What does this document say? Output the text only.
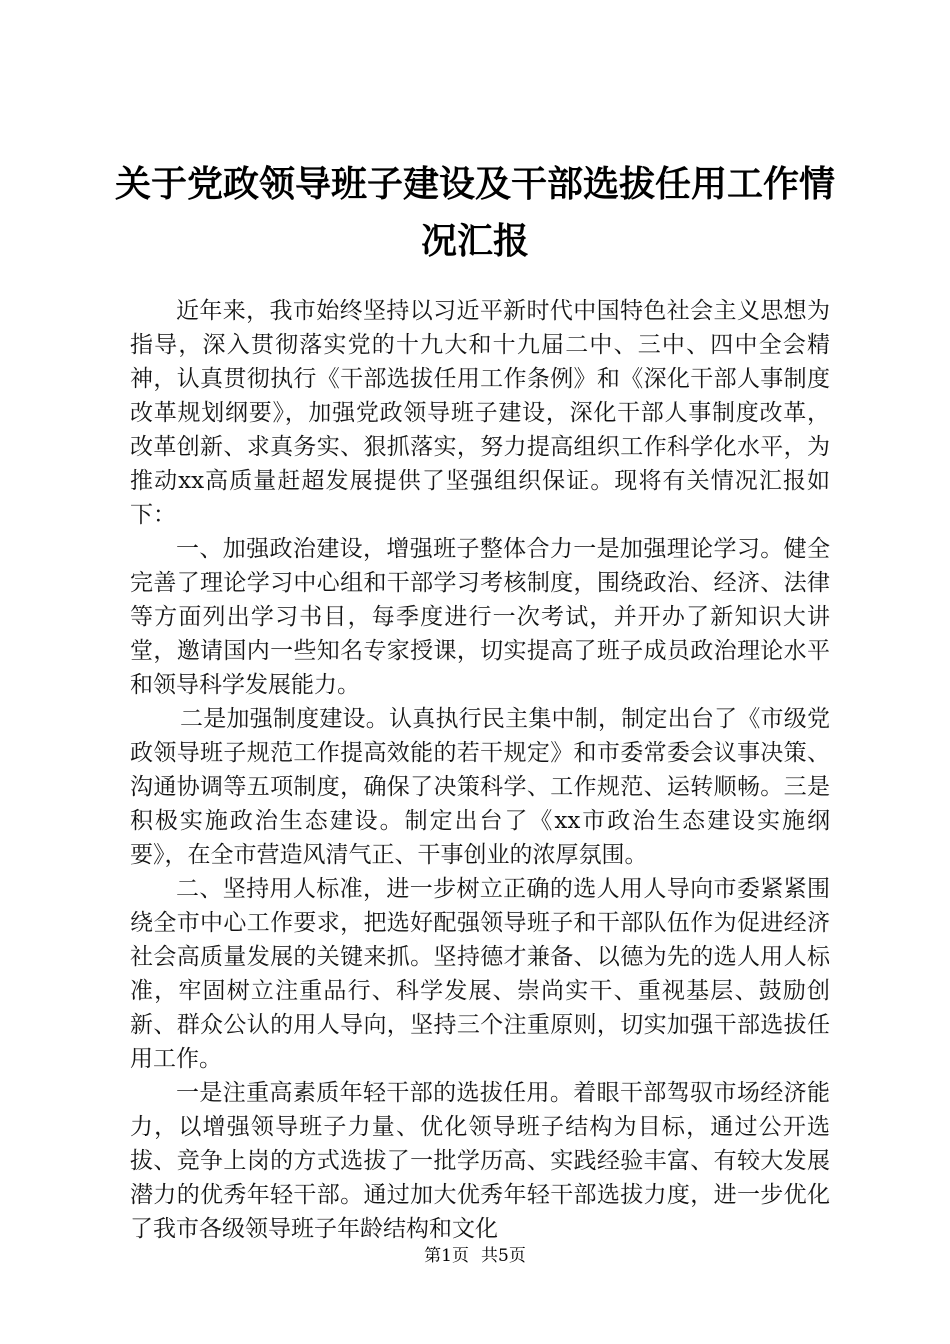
关于党政领导班子建设及干部选拔任用工作情
况汇报

近年来，我市始终坚持以习近平新时代中国特色社会主义思想为指导，深入贯彻落实党的十九大和十九届二中、三中、四中全会精神，认真贯彻执行《干部选拔任用工作条例》和《深化干部人事制度改革规划纲要》，加强党政领导班子建设，深化干部人事制度改革，改革创新、求真务实、狠抓落实，努力提高组织工作科学化水平，为推动xx高质量赶超发展提供了坚强组织保证。现将有关情况汇报如下：

一、加强政治建设，增强班子整体合力一是加强理论学习。健全完善了理论学习中心组和干部学习考核制度，围绕政治、经济、法律等方面列出学习书目，每季度进行一次考试，并开办了新知识大讲堂，邀请国内一些知名专家授课，切实提高了班子成员政治理论水平和领导科学发展能力。

二是加强制度建设。认真执行民主集中制，制定出台了《市级党政领导班子规范工作提高效能的若干规定》和市委常委会议事决策、沟通协调等五项制度，确保了决策科学、工作规范、运转顺畅。三是积极实施政治生态建设。制定出台了《xx市政治生态建设实施纲要》，在全市营造风清气正、干事创业的浓厚氛围。

二、坚持用人标准，进一步树立正确的选人用人导向市委紧紧围绕全市中心工作要求，把选好配强领导班子和干部队伍作为促进经济社会高质量发展的关键来抓。坚持德才兼备、以德为先的选人用人标准，牢固树立注重品行、科学发展、崇尚实干、重视基层、鼓励创新、群众公认的用人导向，坚持三个注重原则，切实加强干部选拔任用工作。

一是注重高素质年轻干部的选拔任用。着眼干部驾驭市场经济能力，以增强领导班子力量、优化领导班子结构为目标，通过公开选拔、竞争上岗的方式选拔了一批学历高、实践经验丰富、有较大发展潜力的优秀年轻干部。通过加大优秀年轻干部选拔力度，进一步优化了我市各级领导班子年龄结构和文化

第1页 共5页
